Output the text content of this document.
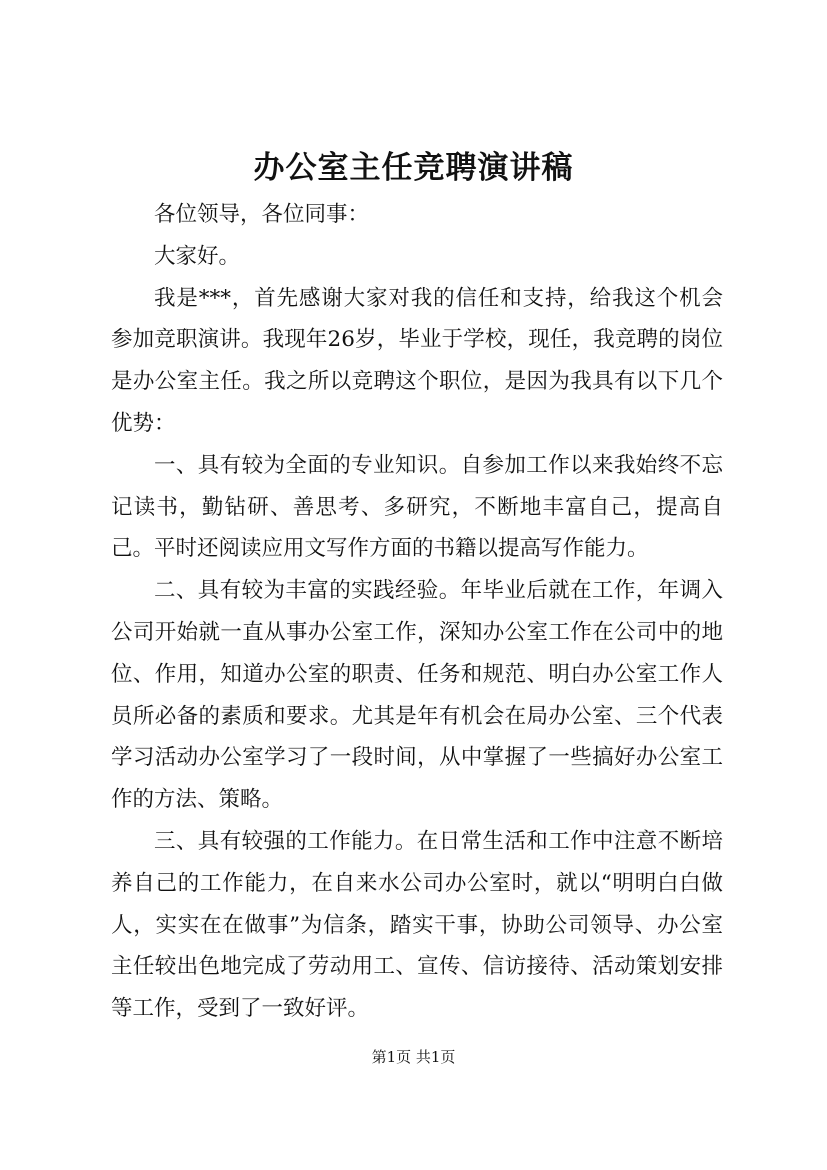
办公室主任竞聘演讲稿

各位领导，各位同事：

大家好。

我是***，首先感谢大家对我的信任和支持，给我这个机会参加竞职演讲。我现年26岁，毕业于学校，现任，我竞聘的岗位是办公室主任。我之所以竞聘这个职位，是因为我具有以下几个优势：

一、具有较为全面的专业知识。自参加工作以来我始终不忘记读书，勤钻研、善思考、多研究，不断地丰富自己，提高自己。平时还阅读应用文写作方面的书籍以提高写作能力。

二、具有较为丰富的实践经验。年毕业后就在工作，年调入公司开始就一直从事办公室工作，深知办公室工作在公司中的地位、作用，知道办公室的职责、任务和规范、明白办公室工作人员所必备的素质和要求。尤其是年有机会在局办公室、三个代表学习活动办公室学习了一段时间，从中掌握了一些搞好办公室工作的方法、策略。

三、具有较强的工作能力。在日常生活和工作中注意不断培养自己的工作能力，在自来水公司办公室时，就以“明明白白做人，实实在在做事”为信条，踏实干事，协助公司领导、办公室主任较出色地完成了劳动用工、宣传、信访接待、活动策划安排等工作，受到了一致好评。

第1页 共1页
